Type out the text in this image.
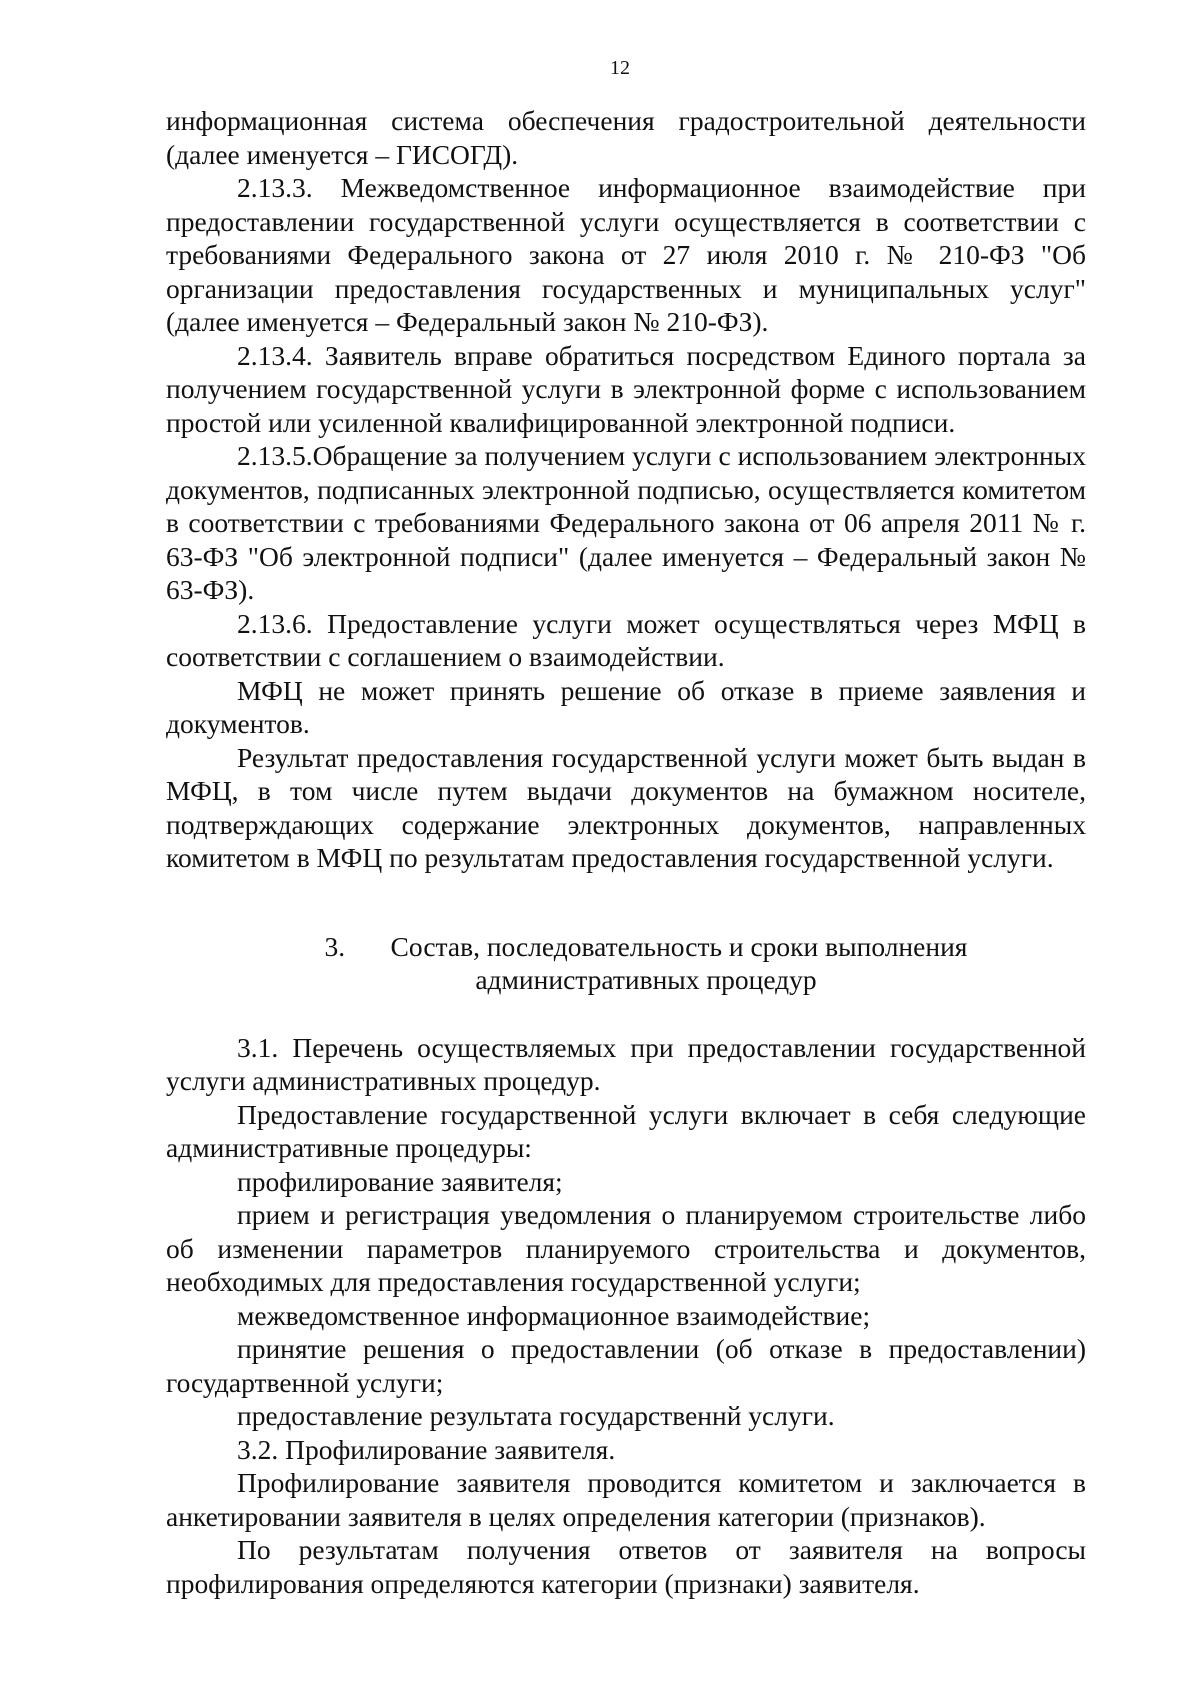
12

информационная система обеспечения градостроительной деятельности (далее именуется – ГИСОГД).

2.13.3. Межведомственное информационное взаимодействие при предоставлении государственной услуги осуществляется в соответствии с требованиями Федерального закона от 27 июля 2010 г. № 210-ФЗ "Об организации предоставления государственных и муниципальных услуг" (далее именуется – Федеральный закон № 210-ФЗ).

2.13.4. Заявитель вправе обратиться посредством Единого портала за получением государственной услуги в электронной форме с использованием простой или усиленной квалифицированной электронной подписи.

2.13.5.Обращение за получением услуги с использованием электронных документов, подписанных электронной подписью, осуществляется комитетом в соответствии с требованиями Федерального закона от 06 апреля 2011 № г. 63-ФЗ "Об электронной подписи" (далее именуется – Федеральный закон № 63-ФЗ).

2.13.6. Предоставление услуги может осуществляться через МФЦ в соответствии с соглашением о взаимодействии.

МФЦ не может принять решение об отказе в приеме заявления и документов.

Результат предоставления государственной услуги может быть выдан в МФЦ, в том числе путем выдачи документов на бумажном носителе, подтверждающих содержание электронных документов, направленных комитетом в МФЦ по результатам предоставления государственной услуги.

3. Состав, последовательность и сроки выполнения
административных процедур

3.1. Перечень осуществляемых при предоставлении государственной услуги административных процедур.

Предоставление государственной услуги включает в себя следующие административные процедуры:

профилирование заявителя;

прием и регистрация уведомления о планируемом строительстве либо об изменении параметров планируемого строительства и документов, необходимых для предоставления государственной услуги;

межведомственное информационное взаимодействие;

принятие решения о предоставлении (об отказе в предоставлении) государтвенной услуги;

предоставление результата государственнй услуги.

3.2. Профилирование заявителя.

Профилирование заявителя проводится комитетом и заключается в анкетировании заявителя в целях определения категории (признаков).

По результатам получения ответов от заявителя на вопросы профилирования определяются категории (признаки) заявителя.
